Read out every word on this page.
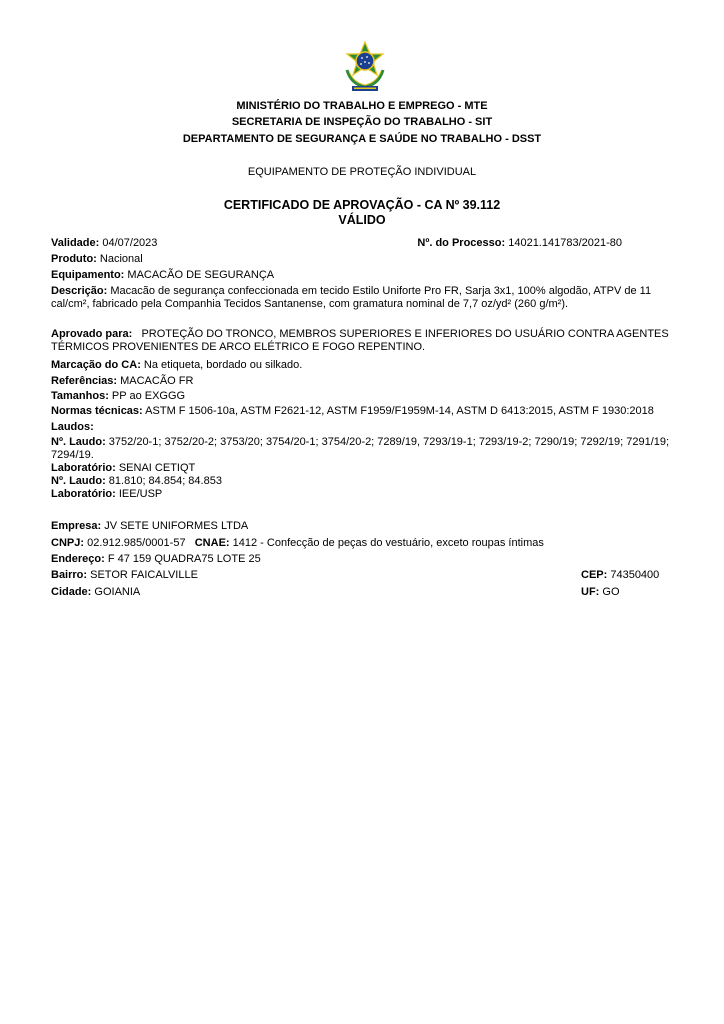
MINISTÉRIO DO TRABALHO E EMPREGO - MTE
SECRETARIA DE INSPEÇÃO DO TRABALHO - SIT
DEPARTAMENTO DE SEGURANÇA E SAÚDE NO TRABALHO - DSST
EQUIPAMENTO DE PROTEÇÃO INDIVIDUAL
CERTIFICADO DE APROVAÇÃO - CA Nº 39.112
VÁLIDO
Validade: 04/07/2023	Nº. do Processo: 14021.141783/2021-80
Produto: Nacional
Equipamento: MACACÃO DE SEGURANÇA
Descrição: Macacão de segurança confeccionada em tecido Estilo Uniforte Pro FR, Sarja 3x1, 100% algodão, ATPV de 11 cal/cm², fabricado pela Companhia Tecidos Santanense, com gramatura nominal de 7,7 oz/yd² (260 g/m²).
Aprovado para: PROTEÇÃO DO TRONCO, MEMBROS SUPERIORES E INFERIORES DO USUÁRIO CONTRA AGENTES TÉRMICOS PROVENIENTES DE ARCO ELÉTRICO E FOGO REPENTINO.
Marcação do CA: Na etiqueta, bordado ou silkado.
Referências: MACACÃO FR
Tamanhos: PP ao EXGGG
Normas técnicas: ASTM F 1506-10a, ASTM F2621-12, ASTM F1959/F1959M-14, ASTM D 6413:2015, ASTM F 1930:2018
Laudos:
Nº. Laudo: 3752/20-1; 3752/20-2; 3753/20; 3754/20-1; 3754/20-2; 7289/19, 7293/19-1; 7293/19-2; 7290/19; 7292/19; 7291/19; 7294/19.
Laboratório: SENAI CETIQT
Nº. Laudo: 81.810; 84.854; 84.853
Laboratório: IEE/USP
Empresa: JV SETE UNIFORMES LTDA
CNPJ: 02.912.985/0001-57 CNAE: 1412 - Confecção de peças do vestuário, exceto roupas íntimas
Endereço: F 47 159 QUADRA75 LOTE 25
Bairro: SETOR FAICALVILLE	CEP: 74350400
Cidade: GOIANIA	UF: GO
